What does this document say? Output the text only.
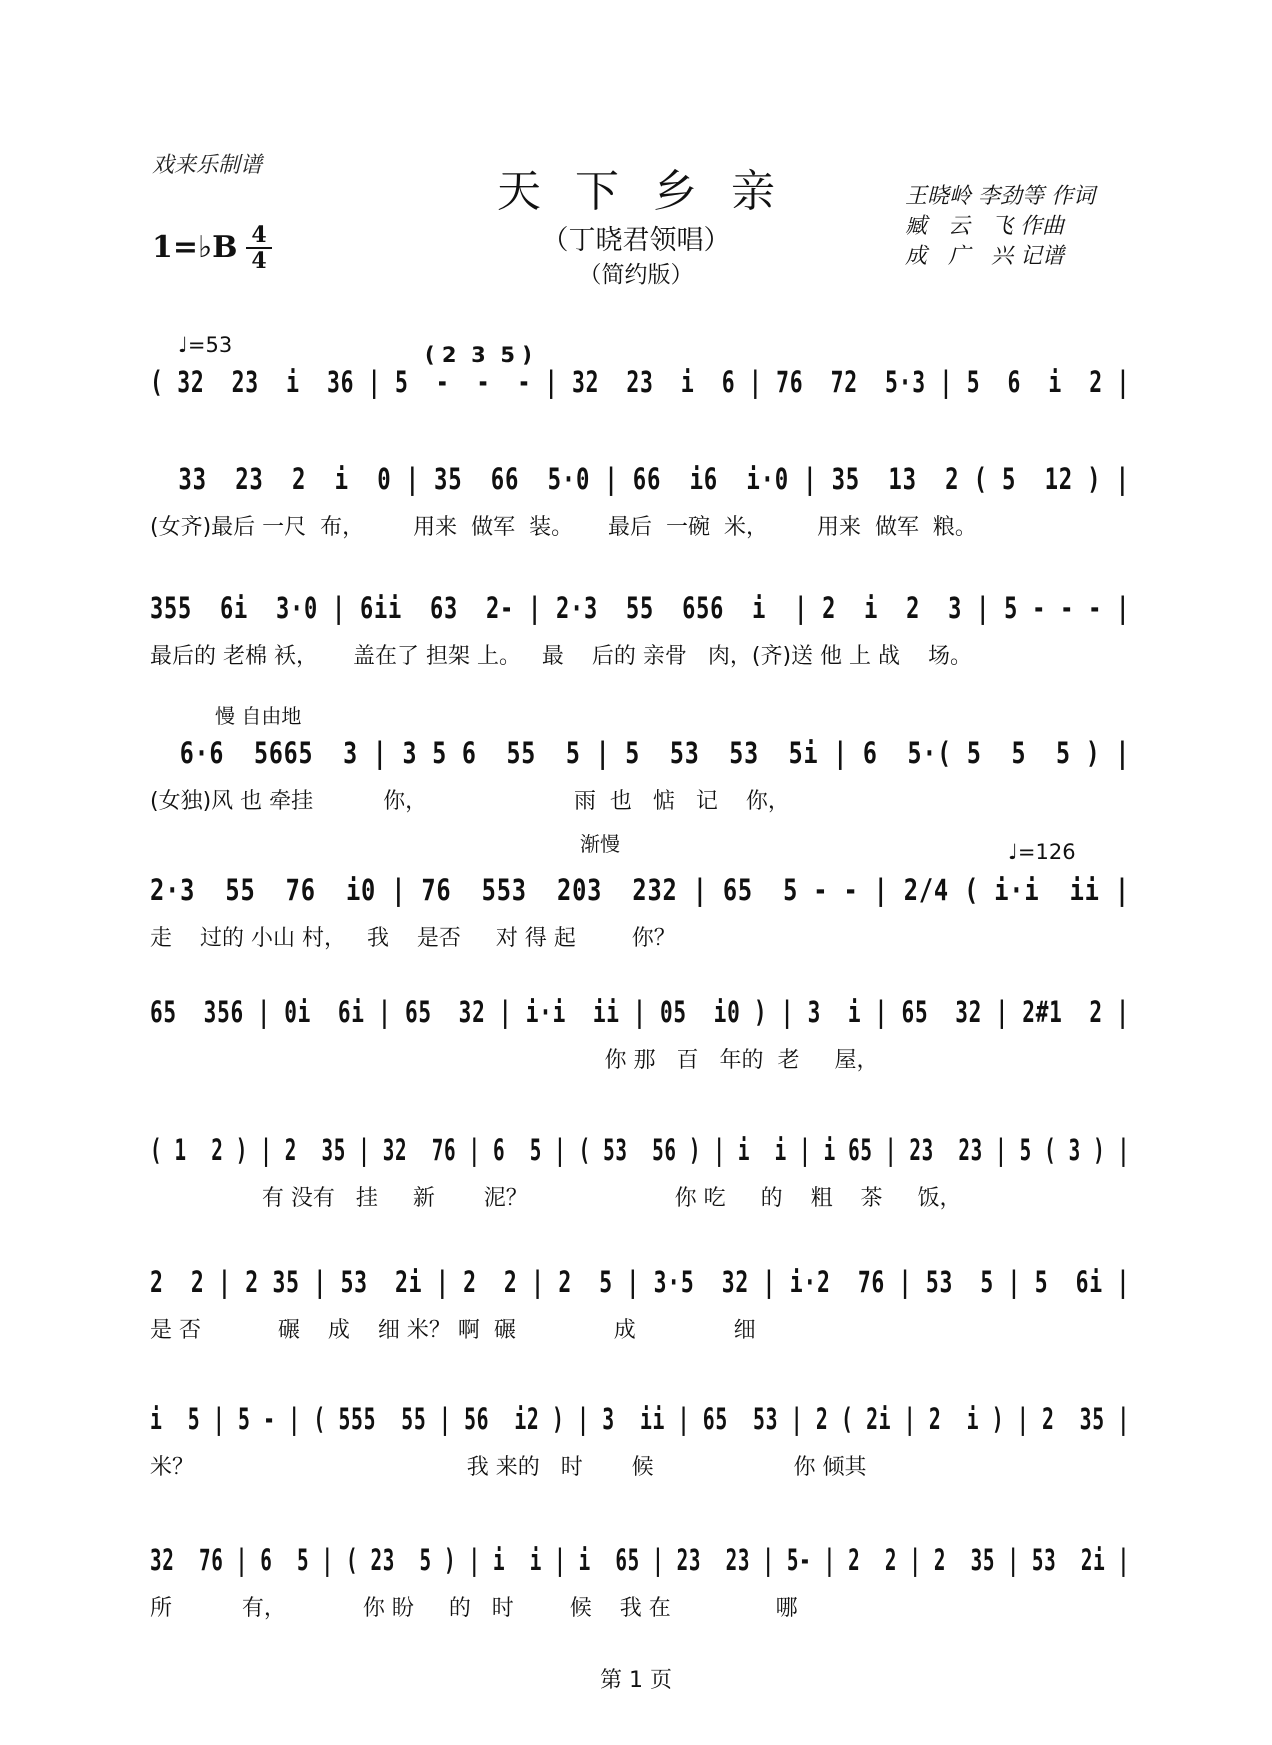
戏来乐制谱
天下乡亲
（丁晓君领唱）
（简约版）
1=♭B 4
4
王晓岭 李劲等 作词
臧   云   飞 作曲
成   广   兴 记谱
♩=53	( 2  3  5 )
慢 自由地
渐慢	♩=126
( 32  23  i  36 | 5  -  -  - | 32  23  i  6 | 76  72  5·3 | 5  6  i  2 |
33  23  2  i  0 | 35  66  5·0 | 66  i6  i·0 | 35  13  2 ( 5  12 ) |
(女齐)最后 一尺  布，       用来  做军  装。     最后  一碗  米，       用来  做军  粮。
355  6i  3·0 | 6ii  63  2- | 2·3  55  656  i  | 2  i  2  3 | 5 - - - |
最后的 老棉 袄，     盖在了 担架 上。   最    后的 亲骨   肉，(齐)送 他 上 战    场。
6·6  5665  3 | 3 5 6  55  5 | 5  53  53  5i | 6  5·( 5  5  5 ) |
(女独)风 也 牵挂          你，                     雨  也   惦   记    你，
2·3  55  76  i0 | 76  553  203  232 | 65  5 - - | 2/4 ( i·i  ii |
走    过的 小山 村，   我    是否     对 得 起        你？
65  356 | 0i  6i | 65  32 | i·i  ii | 05  i0 ) | 3  i | 65  32 | 2#1  2 |
你 那   百   年的  老     屋，
( 1  2 ) | 2  35 | 32  76 | 6  5 | ( 53  56 ) | i  i | i 65 | 23  23 | 5 ( 3 ) |
有 没有   挂     新       泥？                     你 吃     的    粗    茶     饭，
2  2 | 2 35 | 53  2i | 2  2 | 2  5 | 3·5  32 | i·2  76 | 53  5 | 5  6i |
是 否           碾    成    细 米？ 啊  碾              成              细
i  5 | 5 - | ( 555  55 | 56  i2 ) | 3  ii | 65  53 | 2 ( 2i | 2  i ) | 2  35 |
米？                                       我 来的   时       候                    你 倾其
32  76 | 6  5 | ( 23  5 ) | i  i | i  65 | 23  23 | 5- | 2  2 | 2  35 | 53  2i |
所          有，           你 盼     的   时        候    我 在               哪
第 1 页
